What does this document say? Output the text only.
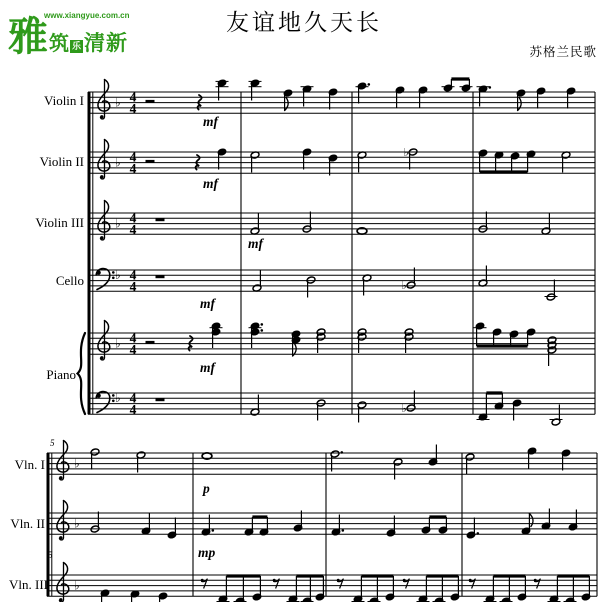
www.xiangyue.com.cn
雅 筑 乐 清新
友谊地久天长
苏格兰民歌
♭ 4
4
mf
♭ 4
4
mf
♭
♭ 4
4
mf
♭ 4
4
mf
♭
♭ 4
4
mf
♭ 4
4	♭
♭
5
p
♭
mp
♭
5
Violin I
Violin II
Violin III
Cello
Piano
Vln. I
Vln. II
Vln. III
